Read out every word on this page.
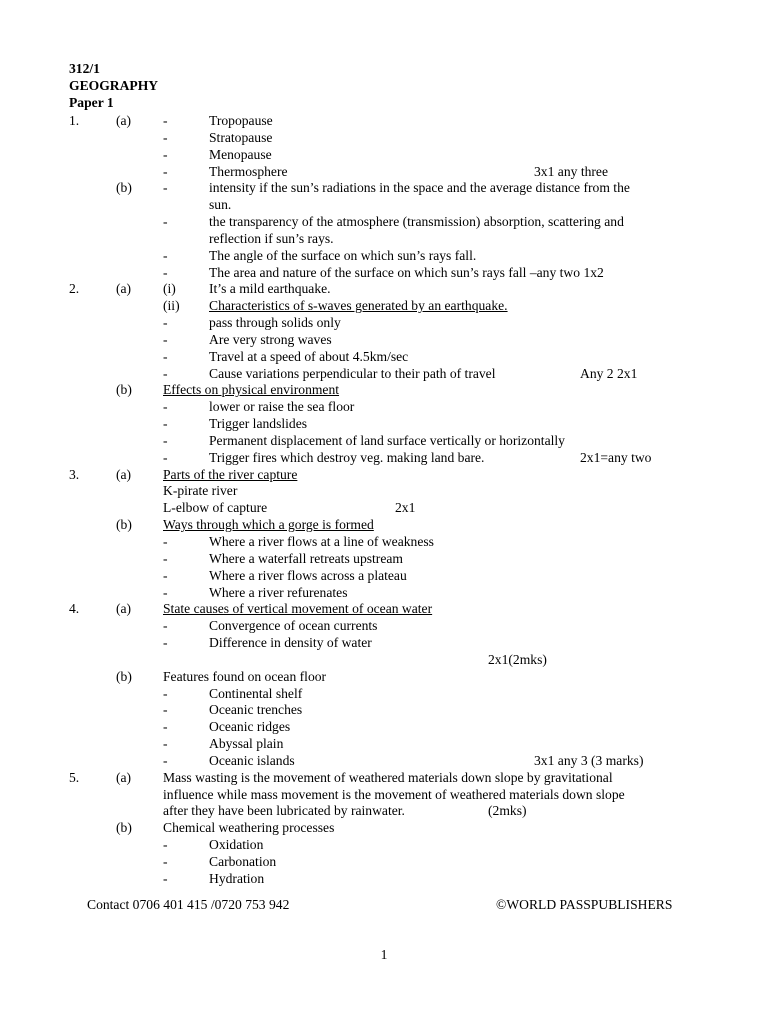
312/1
GEOGRAPHY
Paper 1
1.	(a) -	Tropopause
-	Stratopause
-	Menopause
-	Thermosphere	3x1 any three
(b) -	intensity if the sun’s radiations in the space and the average distance from the
sun.
-	the transparency of the atmosphere (transmission) absorption, scattering and
reflection if sun’s rays.
-	The angle of the surface on which sun’s rays fall.
-	The area and nature of the surface on which sun’s rays fall –any two 1x2
2.	(a) (i) It’s a mild earthquake.
(ii) Characteristics of s-waves generated by an earthquake.
-	pass through solids only
-	Are very strong waves
-	Travel at a speed of about 4.5km/sec
-	Cause variations perpendicular to their path of travel	Any 2 2x1
(b) Effects on physical environment
-	lower or raise the sea floor
-	Trigger landslides
-	Permanent displacement of land surface vertically or horizontally
-	Trigger fires which destroy veg. making land bare.	2x1=any two
3.	(a) Parts of the river capture
K-pirate river
L-elbow of capture	2x1
(b) Ways through which a gorge is formed
-	Where a river flows at a line of weakness
-	Where a waterfall retreats upstream
-	Where a river flows across a plateau
-	Where a river refurenates
4.	(a) State causes of vertical movement of ocean water
-	Convergence of ocean currents
-	Difference in density of water
2x1(2mks)
(b) Features found on ocean floor
-	Continental shelf
-	Oceanic trenches
-	Oceanic ridges
-	Abyssal plain
-	Oceanic islands	3x1 any 3 (3 marks)
5.	(a) Mass wasting is the movement of weathered materials down slope by gravitational
influence while mass movement is the movement of weathered materials down slope
after they have been lubricated by rainwater.	(2mks)
(b) Chemical weathering processes
-	Oxidation
-	Carbonation
-	Hydration
Contact 0706 401 415 /0720 753 942	©WORLD PASSPUBLISHERS
1
